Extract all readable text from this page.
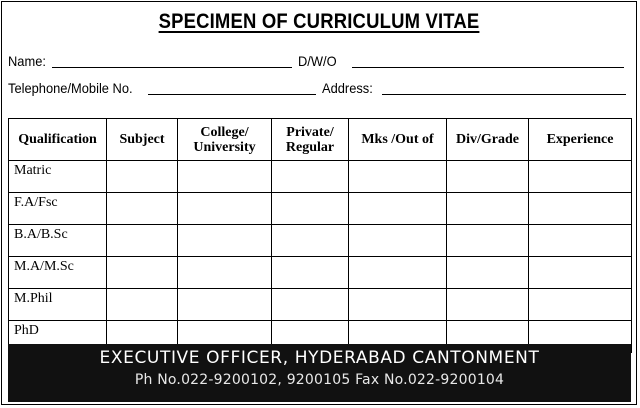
SPECIMEN OF CURRICULUM VITAE
Name:	D/W/O
Telephone/Mobile No.	Address:
Qualification	Subject	College/ University	Private/ Regular	Mks /Out of	Div/Grade	Experience
Matric						
F.A/Fsc						
B.A/B.Sc						
M.A/M.Sc						
M.Phil						
PhD						
EXECUTIVE OFFICER, HYDERABAD CANTONMENT
Ph No.022-9200102, 9200105 Fax No.022-9200104
